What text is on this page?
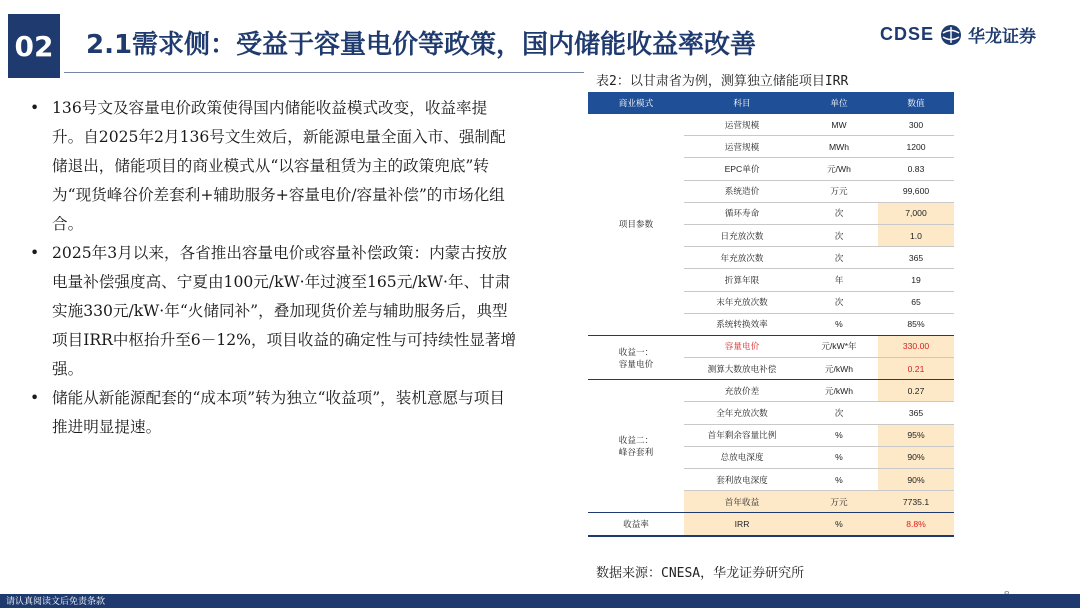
02 2.1需求侧：受益于容量电价等政策，国内储能收益率改善	CDSE 华龙证券
• 136号文及容量电价政策使得国内储能收益模式改变，收益率提升。自2025年2月136号文生效后，新能源电量全面入市、强制配储退出，储能项目的商业模式从“以容量租赁为主的政策兜底”转为“现货峰谷价差套利+辅助服务+容量电价/容量补偿”的市场化组合。
• 2025年3月以来，各省推出容量电价或容量补偿政策：内蒙古按放电量补偿强度高、宁夏由100元/kW·年过渡至165元/kW·年、甘肃实施330元/kW·年“火储同补”，叠加现货价差与辅助服务后，典型项目IRR中枢抬升至6－12%，项目收益的确定性与可持续性显著增强。
• 储能从新能源配套的“成本项”转为独立“收益项”，装机意愿与项目推进明显提速。
表2：以甘肃省为例，测算独立储能项目IRR
商业模式	科目	单位	数值
项目参数	运营规模	MW	300
	运营规模	MWh	1200
	EPC单价	元/Wh	0.83
	系统造价	万元	99,600
	循环寿命	次	7,000
	日充放次数	次	1.0
	年充放次数	次	365
	折算年限	年	19
	末年充放次数	次	65
	系统转换效率	%	85%
收益一：
容量电价	容量电价	元/kW*年	330.00
	测算大数放电补偿	元/kWh	0.21
收益二：
峰谷套利	充放价差	元/kWh	0.27
	全年充放次数	次	365
	首年剩余容量比例	%	95%
	总放电深度	%	90%
	套利放电深度	%	90%
	首年收益	万元	7735.1
收益率	IRR	%	8.8%
数据来源：CNESA，华龙证券研究所
请认真阅读文后免责条款
